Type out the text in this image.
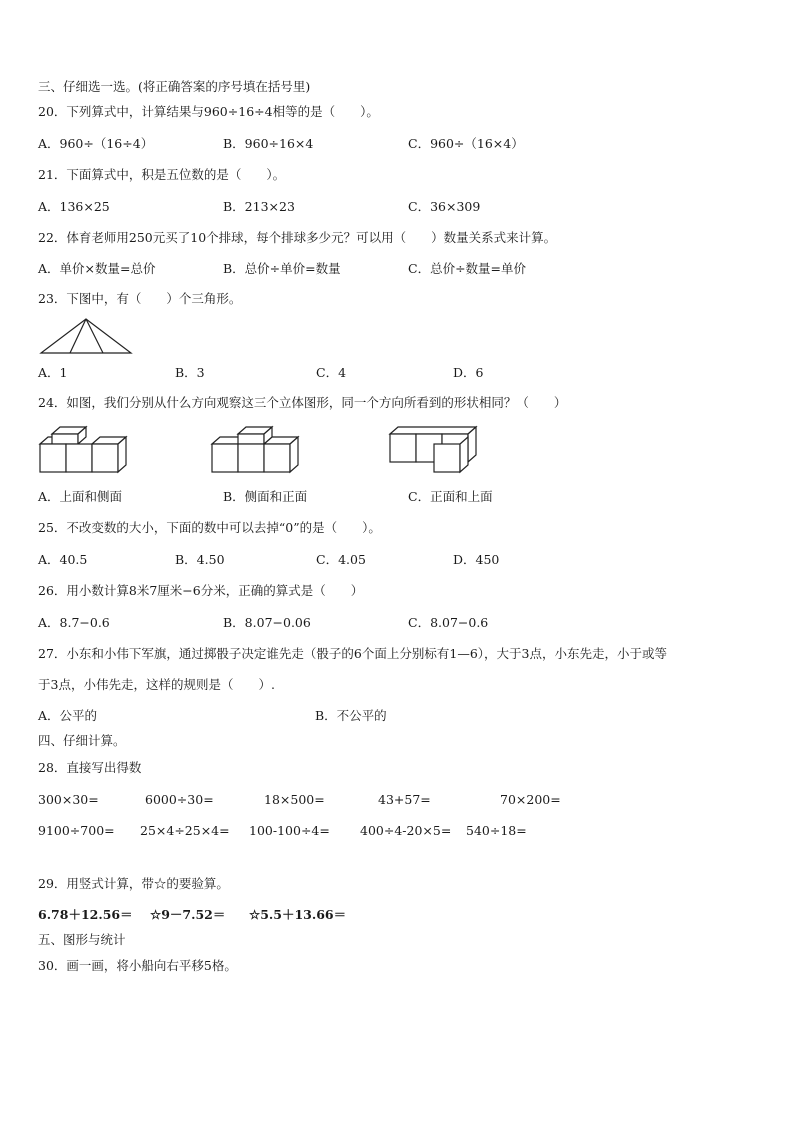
三、仔细选一选。(将正确答案的序号填在括号里)
20．下列算式中，计算结果与960÷16÷4相等的是（　　）。
A．960÷（16÷4）	B．960÷16×4	C．960÷（16×4）
21．下面算式中，积是五位数的是（　　）。
A．136×25	B．213×23	C．36×309
22．体育老师用250元买了10个排球，每个排球多少元？可以用（　　）数量关系式来计算。
A．单价×数量=总价	B．总价÷单价=数量	C．总价÷数量=单价
23．下图中，有（　　）个三角形。
A．1	B．3	C．4	D．6
24．如图，我们分别从什么方向观察这三个立体图形，同一个方向所看到的形状相同？（　　）
A．上面和侧面	B．侧面和正面	C．正面和上面
25．不改变数的大小，下面的数中可以去掉“0”的是（　　）。
A．40.5	B．4.50	C．4.05	D．450
26．用小数计算8米7厘米−6分米，正确的算式是（　　）
A．8.7−0.6	B．8.07−0.06	C．8.07−0.6
27．小东和小伟下军旗，通过掷骰子决定谁先走（骰子的6个面上分别标有1—6），大于3点，小东先走，小于或等
于3点，小伟先走，这样的规则是（　　）.
A．公平的	B．不公平的
四、仔细计算。
28．直接写出得数
300×30=	6000÷30=	18×500=	43+57=	70×200=
9100÷700= 25×4÷25×4= 100-100÷4= 400÷4-20×5= 540÷18=
29．用竖式计算，带☆的要验算。
6.78＋12.56＝ ☆9－7.52＝ ☆5.5＋13.66＝
五、图形与统计
30．画一画，将小船向右平移5格。
